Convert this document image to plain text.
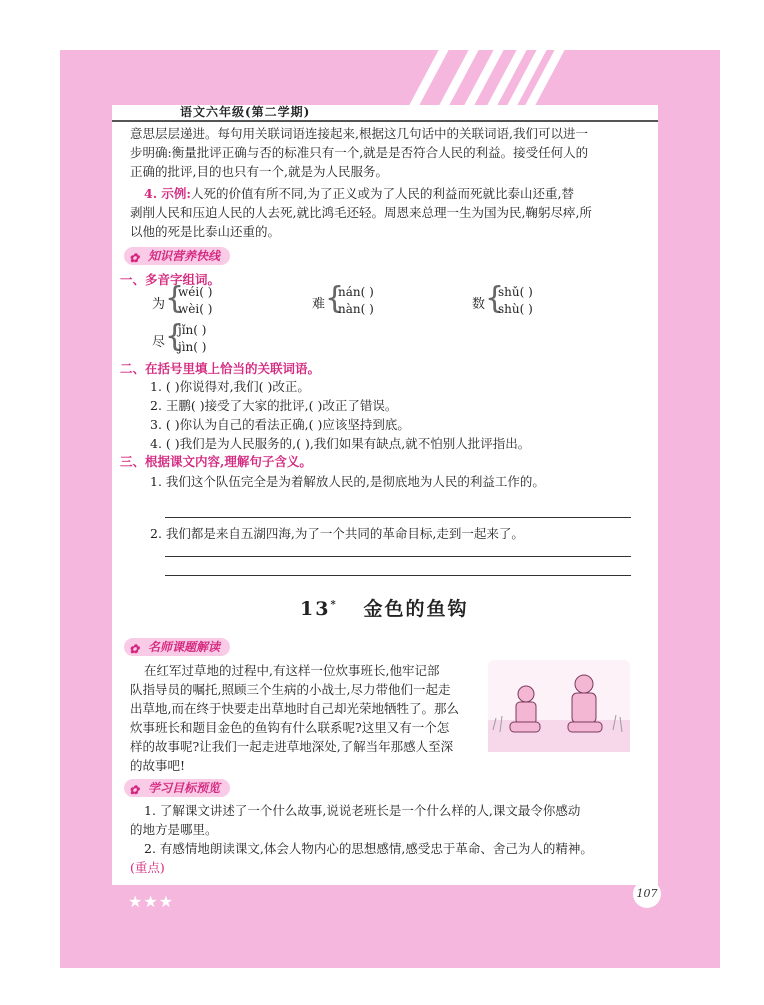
语文六年级(第二学期)
意思层层递进。每句用关联词语连接起来,根据这几句话中的关联词语,我们可以进一
步明确:衡量批评正确与否的标准只有一个,就是是否符合人民的利益。接受任何人的
正确的批评,目的也只有一个,就是为人民服务。
4. 示例:人死的价值有所不同,为了正义或为了人民的利益而死就比泰山还重,替
剥削人民和压迫人民的人去死,就比鸿毛还轻。周恩来总理一生为国为民,鞠躬尽瘁,所
以他的死是比泰山还重的。
✿ 知识营养快线
一、多音字组词。
为 {
wéi( )
wèi( )	难 {
nán( )
nàn( )	数 {
shǔ( )
shù( )
尽 {
jǐn( )
jìn( )
二、在括号里填上恰当的关联词语。
1. ( )你说得对,我们( )改正。
2. 王鹏( )接受了大家的批评,( )改正了错误。
3. ( )你认为自己的看法正确,( )应该坚持到底。
4. ( )我们是为人民服务的,( ),我们如果有缺点,就不怕别人批评指出。
三、根据课文内容,理解句子含义。
1. 我们这个队伍完全是为着解放人民的,是彻底地为人民的利益工作的。
2. 我们都是来自五湖四海,为了一个共同的革命目标,走到一起来了。
13* 金色的鱼钩
✿ 名师课题解读
在红军过草地的过程中,有这样一位炊事班长,他牢记部
队指导员的嘱托,照顾三个生病的小战士,尽力带他们一起走
出草地,而在终于快要走出草地时自己却光荣地牺牲了。那么
炊事班长和题目金色的鱼钩有什么联系呢?这里又有一个怎
样的故事呢?让我们一起走进草地深处,了解当年那感人至深
的故事吧!
✿ 学习目标预览
1. 了解课文讲述了一个什么故事,说说老班长是一个什么样的人,课文最令你感动
的地方是哪里。
2. 有感情地朗读课文,体会人物内心的思想感情,感受忠于革命、舍己为人的精神。
(重点)
★★★	107
